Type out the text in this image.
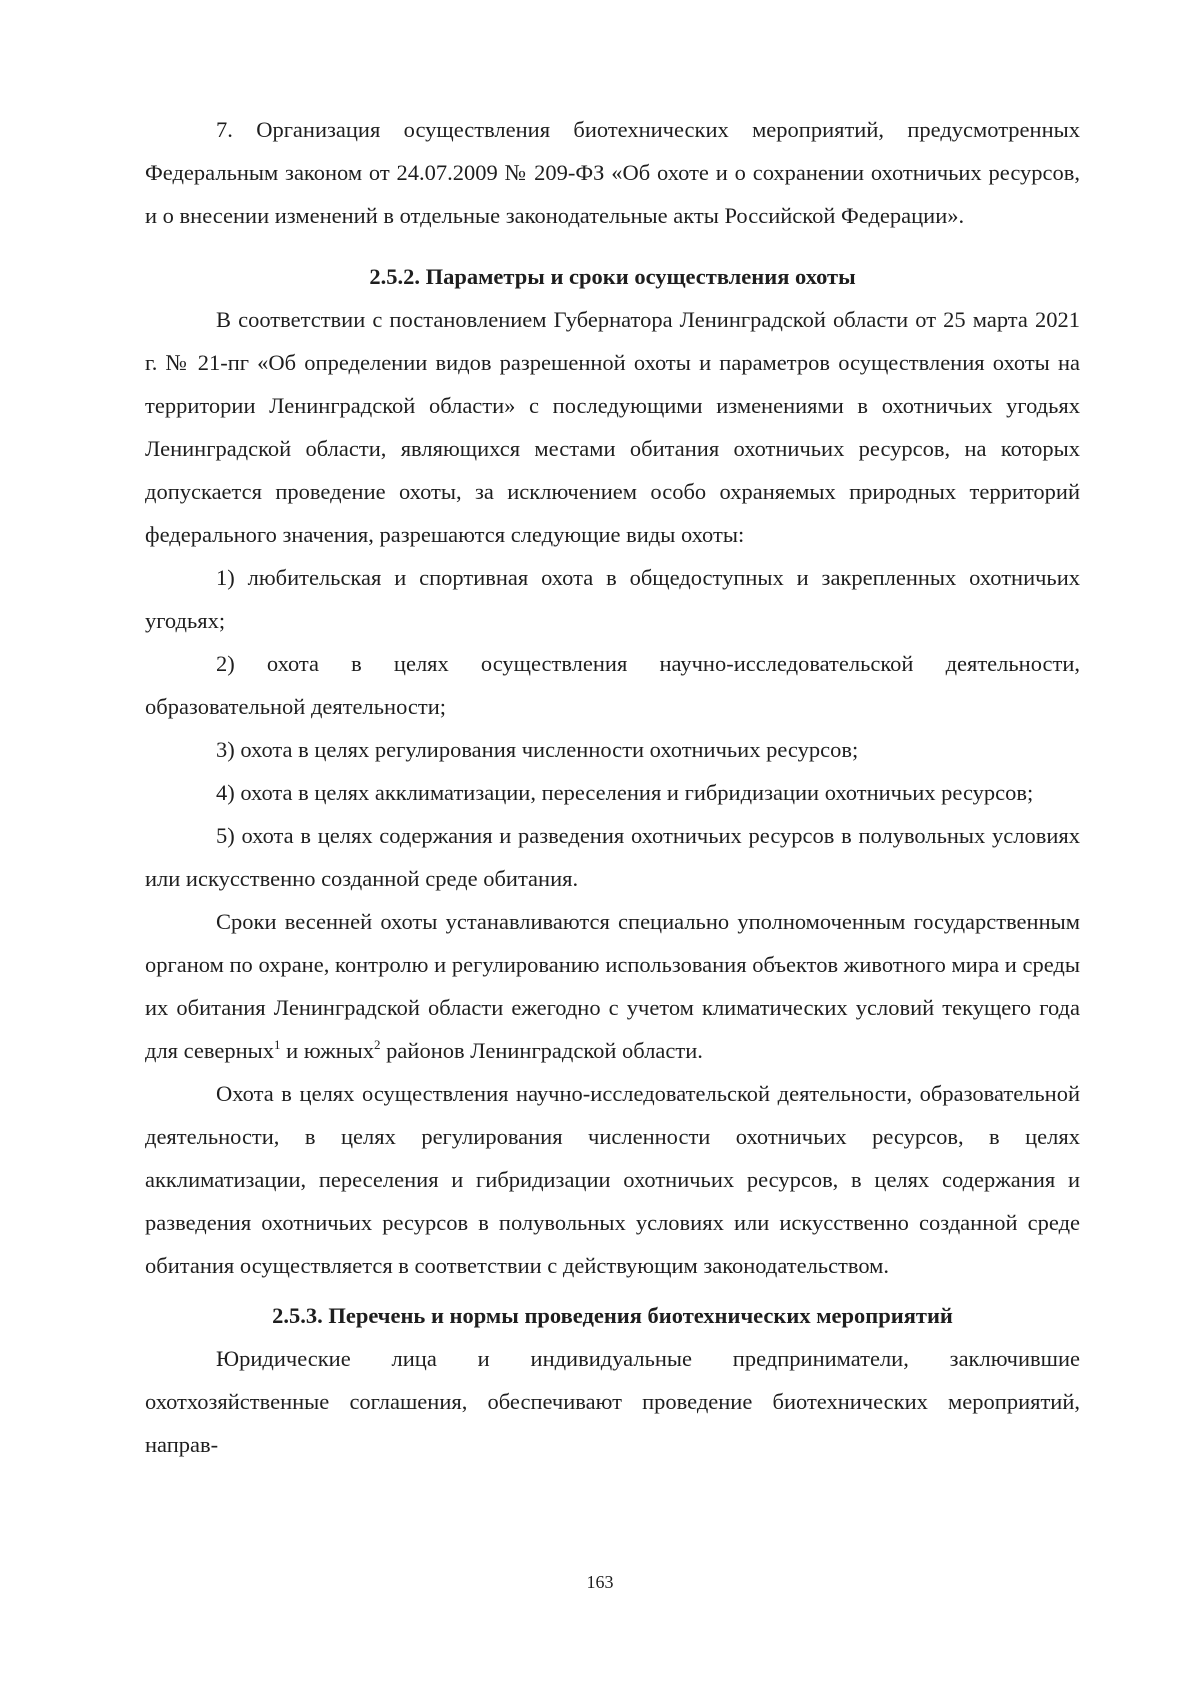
7. Организация осуществления биотехнических мероприятий, предусмотренных Федеральным законом от 24.07.2009 № 209-ФЗ «Об охоте и о сохранении охотничьих ресурсов, и о внесении изменений в отдельные законодательные акты Российской Федерации».

2.5.2. Параметры и сроки осуществления охоты

В соответствии с постановлением Губернатора Ленинградской области от 25 марта 2021 г. № 21-пг «Об определении видов разрешенной охоты и параметров осуществления охоты на территории Ленинградской области» с последующими изменениями в охотничьих угодьях Ленинградской области, являющихся местами обитания охотничьих ресурсов, на которых допускается проведение охоты, за исключением особо охраняемых природных территорий федерального значения, разрешаются следующие виды охоты:

1) любительская и спортивная охота в общедоступных и закрепленных охотничьих угодьях;

2) охота в целях осуществления научно-исследовательской деятельности, образовательной деятельности;

3) охота в целях регулирования численности охотничьих ресурсов;

4) охота в целях акклиматизации, переселения и гибридизации охотничьих ресурсов;

5) охота в целях содержания и разведения охотничьих ресурсов в полувольных условиях или искусственно созданной среде обитания.

Сроки весенней охоты устанавливаются специально уполномоченным государственным органом по охране, контролю и регулированию использования объектов животного мира и среды их обитания Ленинградской области ежегодно с учетом климатических условий текущего года для северных$^1$ и южных$^2$ районов Ленинградской области.

Охота в целях осуществления научно-исследовательской деятельности, образовательной деятельности, в целях регулирования численности охотничьих ресурсов, в целях акклиматизации, переселения и гибридизации охотничьих ресурсов, в целях содержания и разведения охотничьих ресурсов в полувольных условиях или искусственно созданной среде обитания осуществляется в соответствии с действующим законодательством.

2.5.3. Перечень и нормы проведения биотехнических мероприятий

Юридические лица и индивидуальные предприниматели, заключившие охотхозяйственные соглашения, обеспечивают проведение биотехнических мероприятий, направ-

163
